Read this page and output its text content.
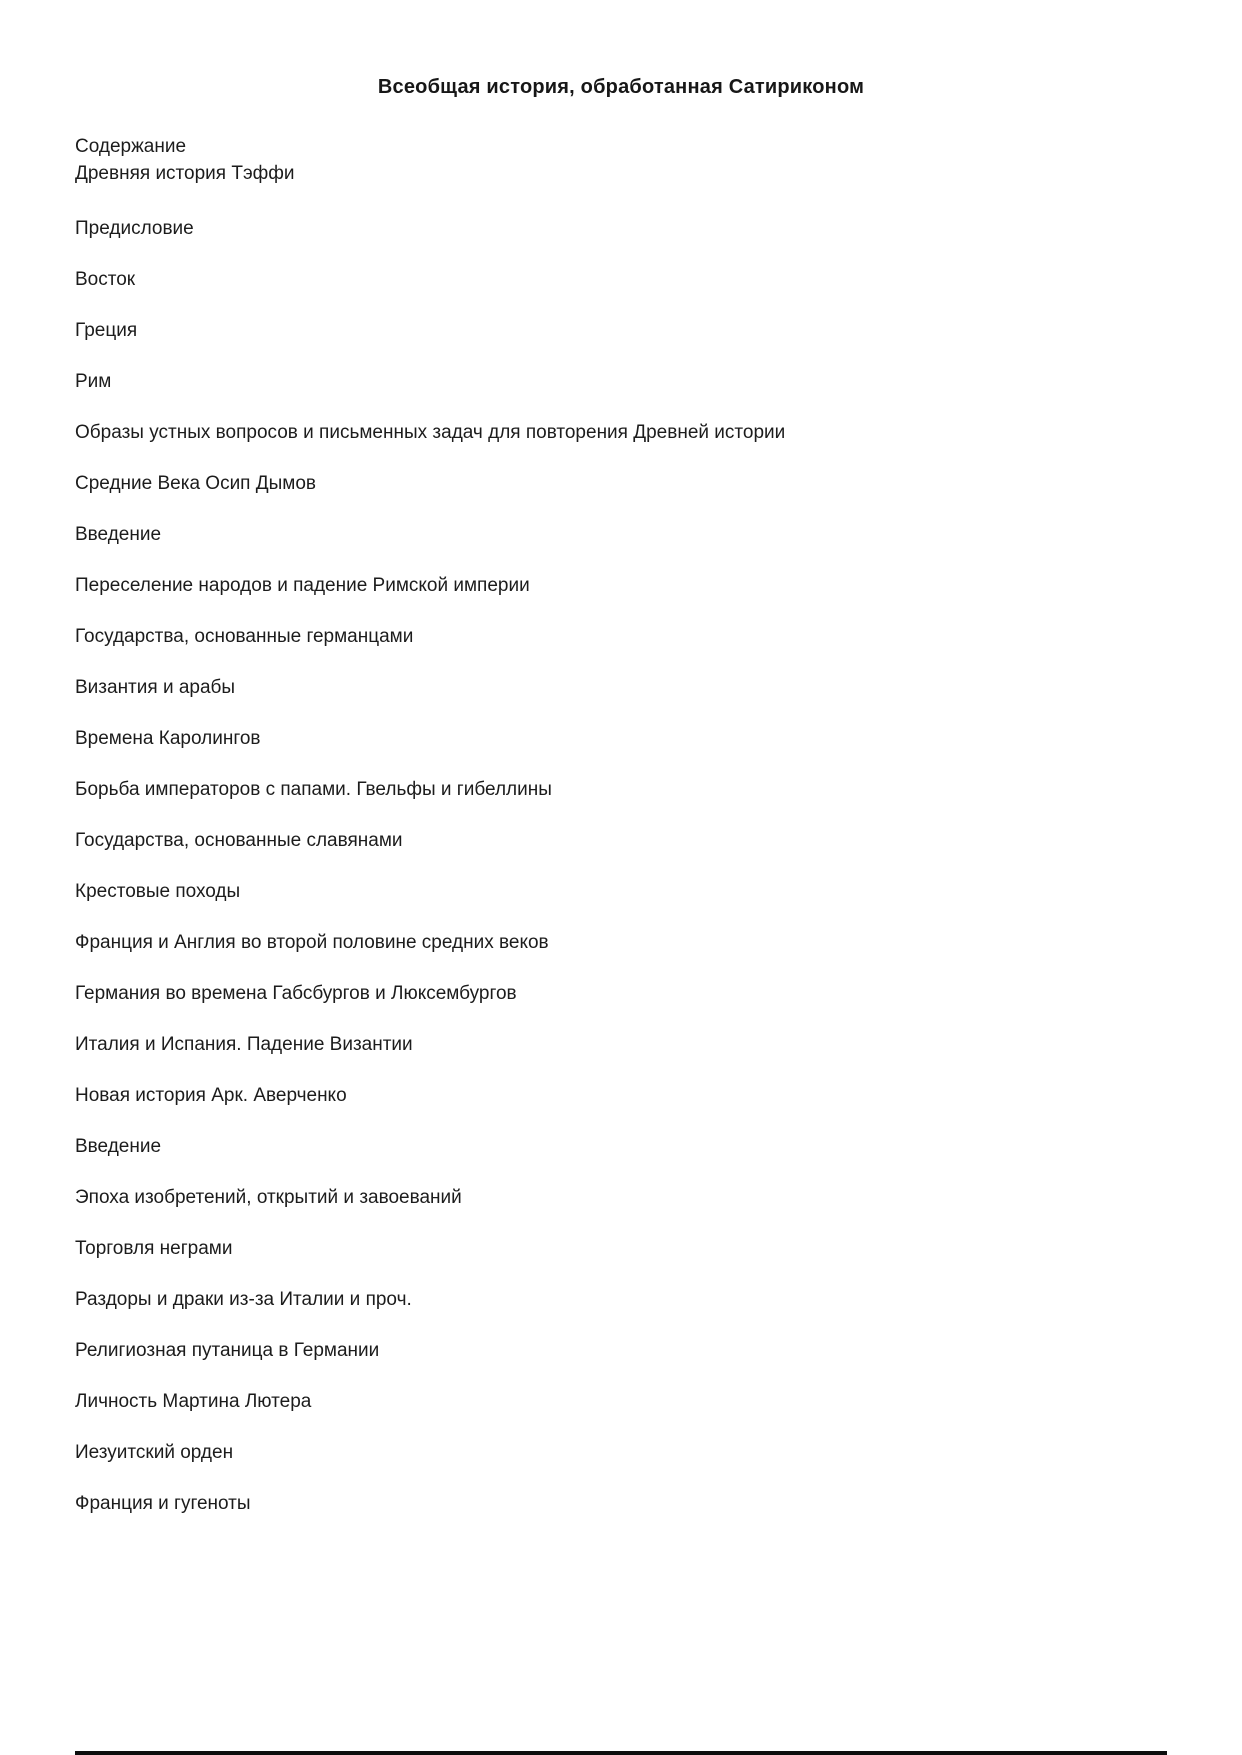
Всеобщая история, обработанная Сатириконом

Содержание

Древняя история Тэффи

Предисловие

Восток

Греция

Рим

Образы устных вопросов и письменных задач для повторения Древней истории

Средние Века Осип Дымов

Введение

Переселение народов и падение Римской империи

Государства, основанные германцами

Византия и арабы

Времена Каролингов

Борьба императоров с папами. Гвельфы и гибеллины

Государства, основанные славянами

Крестовые походы

Франция и Англия во второй половине средних веков

Германия во времена Габсбургов и Люксембургов

Италия и Испания. Падение Византии

Новая история Арк. Аверченко

Введение

Эпоха изобретений, открытий и завоеваний

Торговля неграми

Раздоры и драки из-за Италии и проч.

Религиозная путаница в Германии

Личность Мартина Лютера

Иезуитский орден

Франция и гугеноты
